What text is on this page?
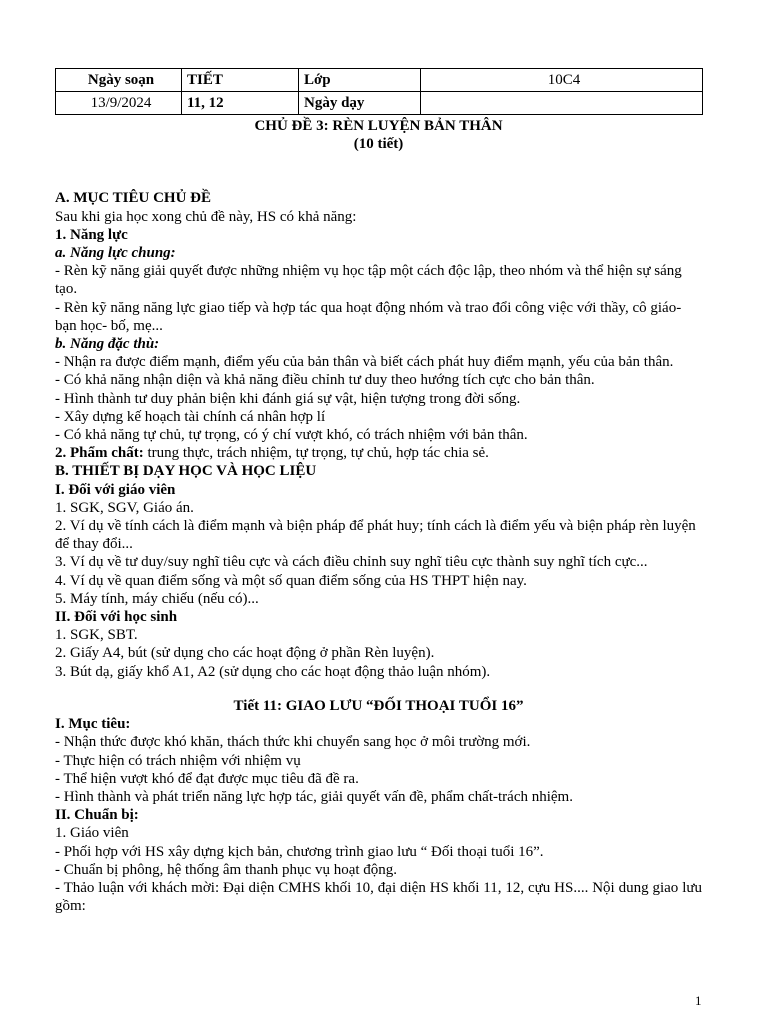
Ngày soạn	TIẾT	Lớp	10C4
13/9/2024	11, 12	Ngày dạy	

CHỦ ĐỀ 3: RÈN LUYỆN BẢN THÂN

(10 tiết)

A. MỤC TIÊU CHỦ ĐỀ

Sau khi gia học xong chủ đề này, HS có khả năng:

1. Năng lực

a. Năng lực chung:

- Rèn kỹ năng giải quyết được những nhiệm vụ học tập một cách độc lập, theo nhóm và thể hiện sự sáng tạo.

- Rèn kỹ năng năng lực giao tiếp và hợp tác qua hoạt động nhóm và trao đổi công việc với thầy, cô giáo- bạn học- bố, mẹ...

b. Năng đặc thù:

- Nhận ra được điểm mạnh, điểm yếu của bản thân và biết cách phát huy điểm mạnh, yếu của bản thân.

- Có khả năng nhận diện và khả năng điều chỉnh tư duy theo hướng tích cực cho bản thân.

- Hình thành tư duy phản biện khi đánh giá sự vật, hiện tượng trong đời sống.

- Xây dựng kế hoạch tài chính cá nhân hợp lí

- Có khả năng tự chủ, tự trọng, có ý chí vượt khó, có trách nhiệm với bản thân.

2. Phẩm chất: trung thực, trách nhiệm, tự trọng, tự chủ, hợp tác chia sẻ.

B. THIẾT BỊ DẠY HỌC VÀ HỌC LIỆU

I. Đối với giáo viên

1. SGK, SGV, Giáo án.

2. Ví dụ về tính cách là điểm mạnh và biện pháp để phát huy; tính cách là điểm yếu và biện pháp rèn luyện để thay đổi...

3. Ví dụ về tư duy/suy nghĩ tiêu cực và cách điều chỉnh suy nghĩ tiêu cực thành suy nghĩ tích cực...

4. Ví dụ về quan điểm sống và một số quan điểm sống của HS THPT hiện nay.

5. Máy tính, máy chiếu (nếu có)...

II. Đối với học sinh

1. SGK, SBT.

2. Giấy A4, bút (sử dụng cho các hoạt động ở phần Rèn luyện).

3. Bút dạ, giấy khổ A1, A2 (sử dụng cho các hoạt động thảo luận nhóm).

Tiết 11: GIAO LƯU “ĐỐI THOẠI TUỔI 16”

I. Mục tiêu:

- Nhận thức được khó khăn, thách thức khi chuyển sang học ở môi trường mới.

- Thực hiện có trách nhiệm với nhiệm vụ

- Thể hiện vượt khó để đạt được mục tiêu đã đề ra.

- Hình thành và phát triển năng lực hợp tác, giải quyết vấn đề, phẩm chất-trách nhiệm.

II. Chuẩn bị:

1. Giáo viên

- Phối hợp với HS xây dựng kịch bản, chương trình giao lưu “ Đối thoại tuổi 16”.

- Chuẩn bị phông, hệ thống âm thanh phục vụ hoạt động.

- Thảo luận với khách mời: Đại diện CMHS khối 10, đại diện HS khối 11, 12, cựu HS.... Nội dung giao lưu gồm:

1
